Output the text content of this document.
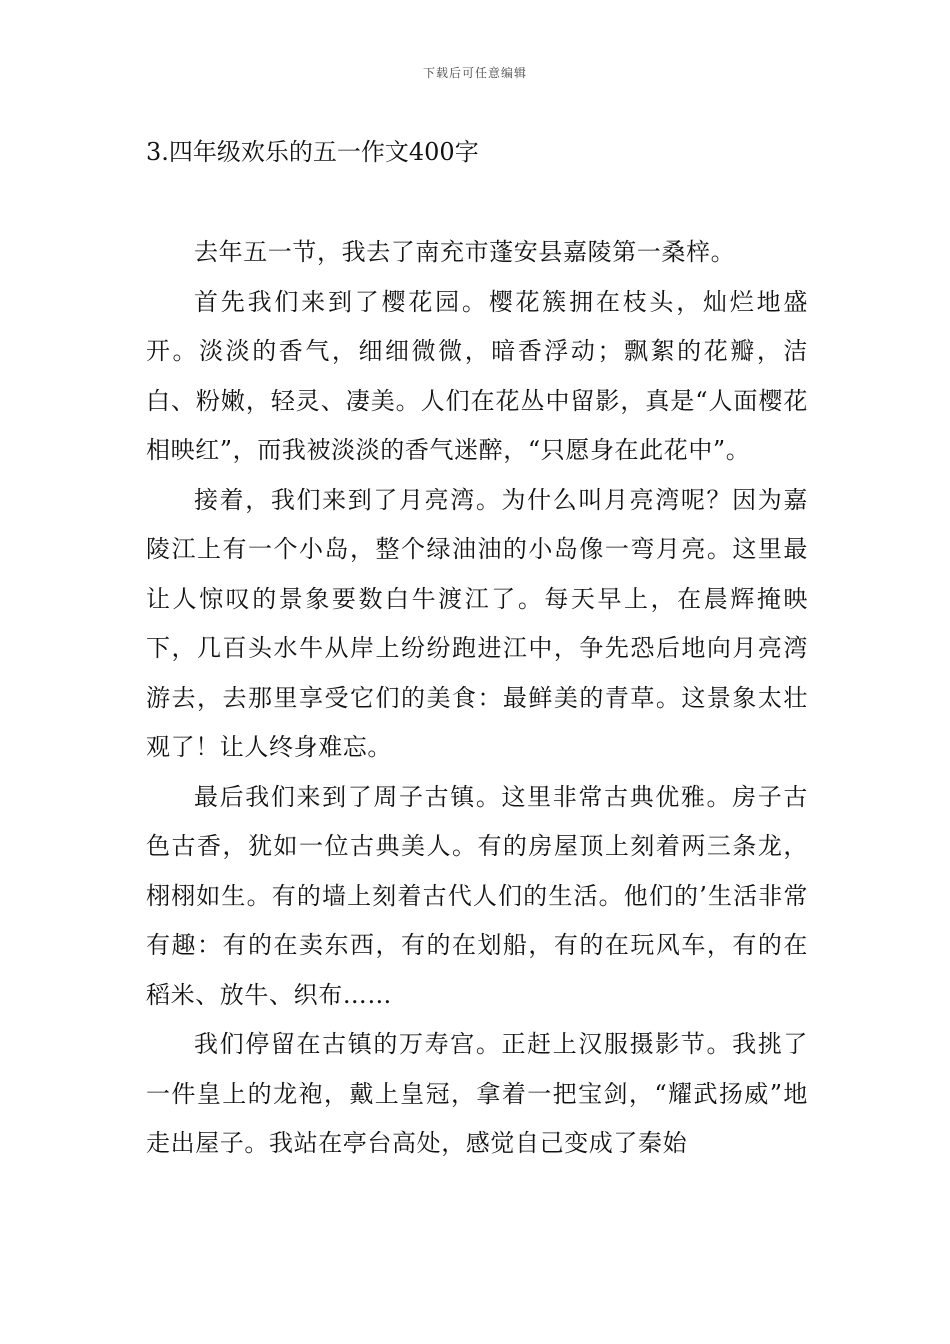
下载后可任意编辑
3.四年级欢乐的五一作文400字

去年五一节，我去了南充市蓬安县嘉陵第一桑梓。

首先我们来到了樱花园。樱花簇拥在枝头，灿烂地盛开。淡淡的香气，细细微微，暗香浮动；飘絮的花瓣，洁白、粉嫩，轻灵、凄美。人们在花丛中留影，真是“人面樱花相映红”，而我被淡淡的香气迷醉，“只愿身在此花中”。

接着，我们来到了月亮湾。为什么叫月亮湾呢？因为嘉陵江上有一个小岛，整个绿油油的小岛像一弯月亮。这里最让人惊叹的景象要数白牛渡江了。每天早上，在晨辉掩映下，几百头水牛从岸上纷纷跑进江中，争先恐后地向月亮湾游去，去那里享受它们的美食：最鲜美的青草。这景象太壮观了！让人终身难忘。

最后我们来到了周子古镇。这里非常古典优雅。房子古色古香，犹如一位古典美人。有的房屋顶上刻着两三条龙，栩栩如生。有的墙上刻着古代人们的生活。他们的’生活非常有趣：有的在卖东西，有的在划船，有的在玩风车，有的在稻米、放牛、织布……

我们停留在古镇的万寿宫。正赶上汉服摄影节。我挑了一件皇上的龙袍，戴上皇冠，拿着一把宝剑，“耀武扬威”地走出屋子。我站在亭台高处，感觉自己变成了秦始
